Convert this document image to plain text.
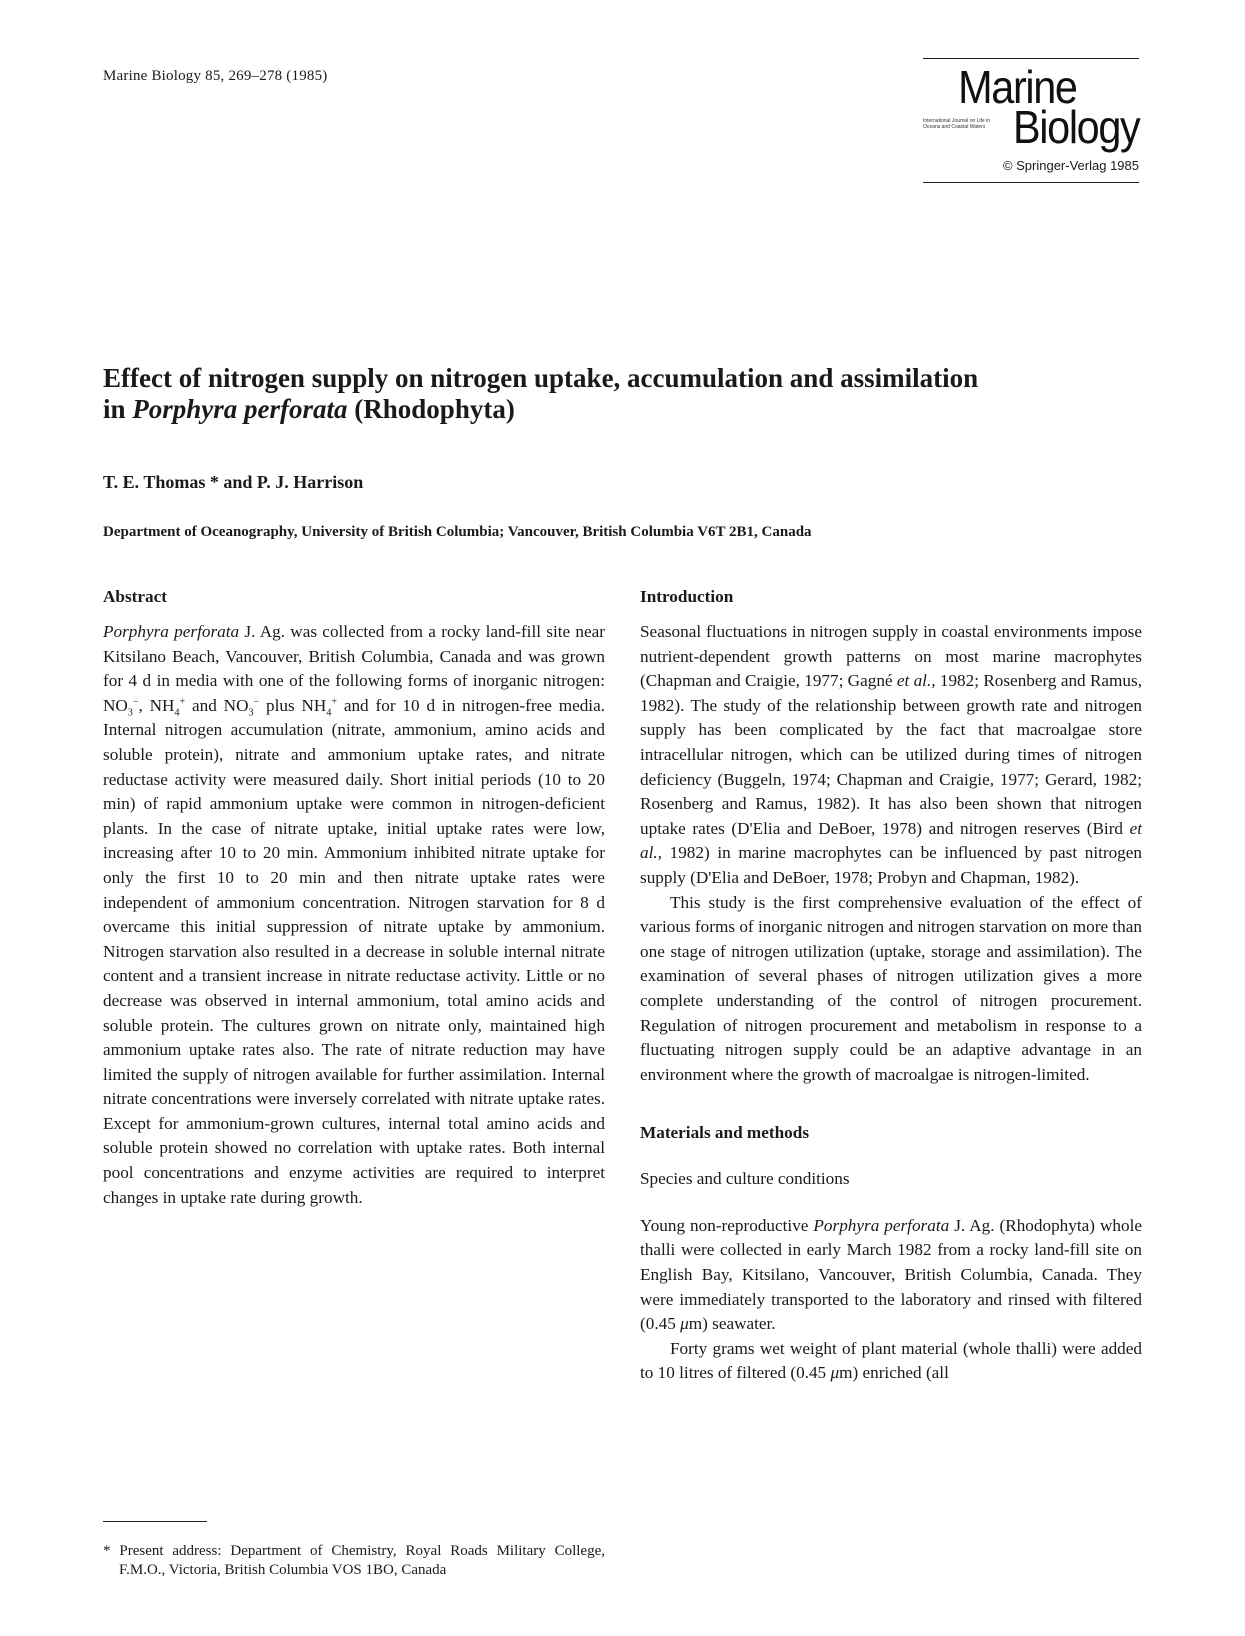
Marine Biology 85, 269–278 (1985)	Marine
International Journal on Life in Oceans and Coastal Waters Biology
© Springer-Verlag 1985
Effect of nitrogen supply on nitrogen uptake, accumulation and assimilation in Porphyra perforata (Rhodophyta)
T. E. Thomas * and P. J. Harrison
Department of Oceanography, University of British Columbia; Vancouver, British Columbia V6T 2B1, Canada
Abstract

Porphyra perforata J. Ag. was collected from a rocky land-fill site near Kitsilano Beach, Vancouver, British Columbia, Canada and was grown for 4 d in media with one of the following forms of inorganic nitrogen: $NO_3^-$, $NH_4^+$ and $NO_3^-$ plus $NH_4^+$ and for 10 d in nitrogen-free media. Internal nitrogen accumulation (nitrate, ammonium, amino acids and soluble protein), nitrate and ammonium uptake rates, and nitrate reductase activity were measured daily. Short initial periods (10 to 20 min) of rapid ammonium uptake were common in nitrogen-deficient plants. In the case of nitrate uptake, initial uptake rates were low, increasing after 10 to 20 min. Ammonium inhibited nitrate uptake for only the first 10 to 20 min and then nitrate uptake rates were independent of ammonium concentration. Nitrogen starvation for 8 d overcame this initial suppression of nitrate uptake by ammonium. Nitrogen starvation also resulted in a decrease in soluble internal nitrate content and a transient increase in nitrate reductase activity. Little or no decrease was observed in internal ammonium, total amino acids and soluble protein. The cultures grown on nitrate only, maintained high ammonium uptake rates also. The rate of nitrate reduction may have limited the supply of nitrogen available for further assimilation. Internal nitrate concentrations were inversely correlated with nitrate uptake rates. Except for ammonium-grown cultures, internal total amino acids and soluble protein showed no correlation with uptake rates. Both internal pool concentrations and enzyme activities are required to interpret changes in uptake rate during growth.

Introduction

Seasonal fluctuations in nitrogen supply in coastal environments impose nutrient-dependent growth patterns on most marine macrophytes (Chapman and Craigie, 1977; Gagné et al., 1982; Rosenberg and Ramus, 1982). The study of the relationship between growth rate and nitrogen supply has been complicated by the fact that macroalgae store intracellular nitrogen, which can be utilized during times of nitrogen deficiency (Buggeln, 1974; Chapman and Craigie, 1977; Gerard, 1982; Rosenberg and Ramus, 1982). It has also been shown that nitrogen uptake rates (D'Elia and DeBoer, 1978) and nitrogen reserves (Bird et al., 1982) in marine macrophytes can be influenced by past nitrogen supply (D'Elia and DeBoer, 1978; Probyn and Chapman, 1982).

This study is the first comprehensive evaluation of the effect of various forms of inorganic nitrogen and nitrogen starvation on more than one stage of nitrogen utilization (uptake, storage and assimilation). The examination of several phases of nitrogen utilization gives a more complete understanding of the control of nitrogen procurement. Regulation of nitrogen procurement and metabolism in response to a fluctuating nitrogen supply could be an adaptive advantage in an environment where the growth of macroalgae is nitrogen-limited.

Materials and methods
Species and culture conditions

Young non-reproductive Porphyra perforata J. Ag. (Rhodophyta) whole thalli were collected in early March 1982 from a rocky land-fill site on English Bay, Kitsilano, Vancouver, British Columbia, Canada. They were immediately transported to the laboratory and rinsed with filtered (0.45 μm) seawater.

Forty grams wet weight of plant material (whole thalli) were added to 10 litres of filtered (0.45 μm) enriched (all

* Present address: Department of Chemistry, Royal Roads Military College, F.M.O., Victoria, British Columbia VOS 1BO, Canada
